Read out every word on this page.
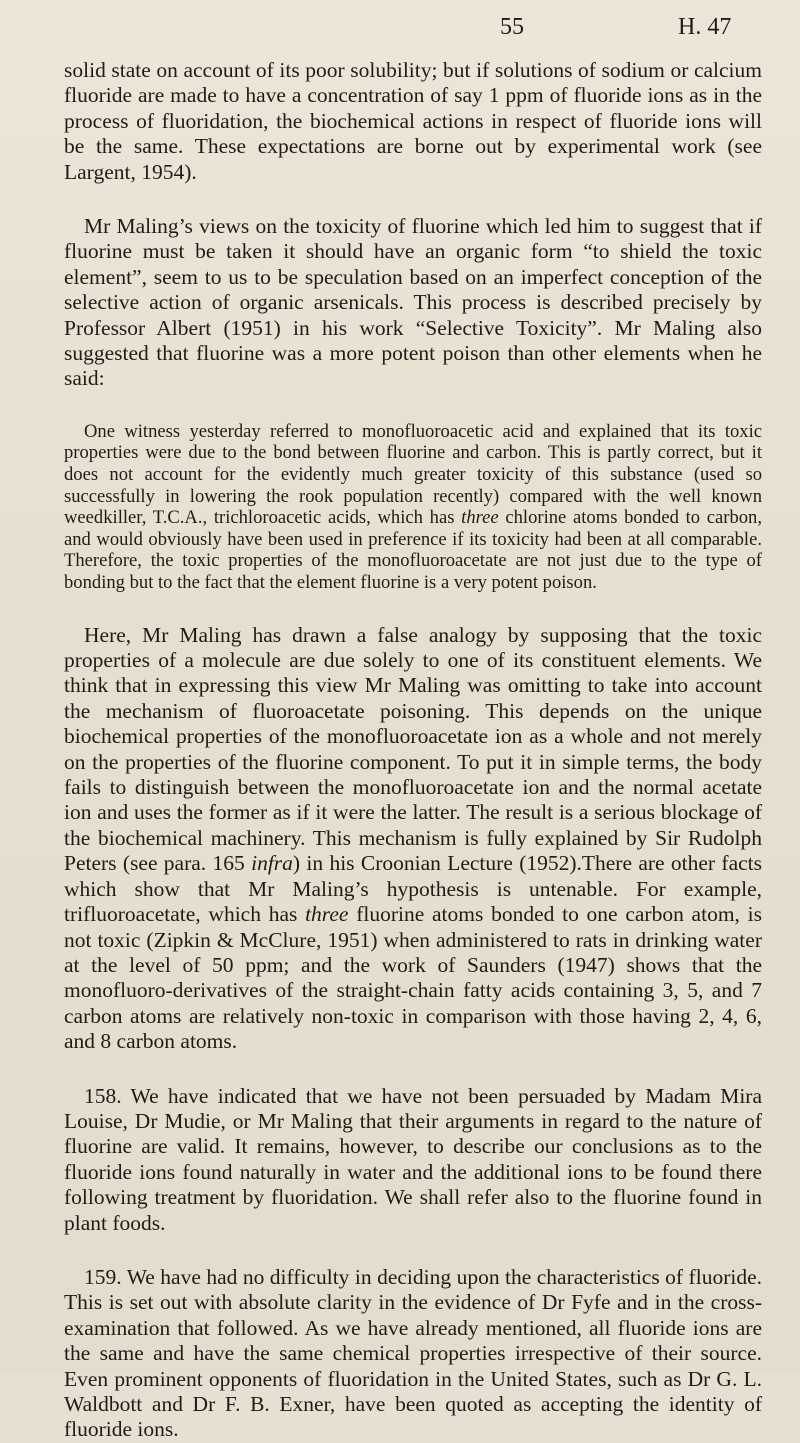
55	H. 47

solid state on account of its poor solubility; but if solutions of sodium or calcium fluoride are made to have a concentration of say 1 ppm of fluoride ions as in the process of fluoridation, the biochemical actions in respect of fluoride ions will be the same. These expectations are borne out by experimental work (see Largent, 1954).

Mr Maling’s views on the toxicity of fluorine which led him to suggest that if fluorine must be taken it should have an organic form “to shield the toxic element”, seem to us to be speculation based on an imperfect conception of the selective action of organic arsenicals. This process is described precisely by Professor Albert (1951) in his work “Selective Toxicity”. Mr Maling also suggested that fluorine was a more potent poison than other elements when he said:

One witness yesterday referred to monofluoroacetic acid and explained that its toxic properties were due to the bond between fluorine and carbon. This is partly correct, but it does not account for the evidently much greater toxicity of this substance (used so successfully in lowering the rook population recently) compared with the well known weedkiller, T.C.A., trichloroacetic acids, which has three chlorine atoms bonded to carbon, and would obviously have been used in preference if its toxicity had been at all comparable. Therefore, the toxic properties of the monofluoroacetate are not just due to the type of bonding but to the fact that the element fluorine is a very potent poison.

Here, Mr Maling has drawn a false analogy by supposing that the toxic properties of a molecule are due solely to one of its constituent elements. We think that in expressing this view Mr Maling was omitting to take into account the mechanism of fluoroacetate poisoning. This depends on the unique biochemical properties of the monofluoroacetate ion as a whole and not merely on the properties of the fluorine component. To put it in simple terms, the body fails to distinguish between the monofluoroacetate ion and the normal acetate ion and uses the former as if it were the latter. The result is a serious blockage of the biochemical machinery. This mechanism is fully explained by Sir Rudolph Peters (see para. 165 infra) in his Croonian Lecture (1952).There are other facts which show that Mr Maling’s hypothesis is untenable. For example, trifluoroacetate, which has three fluorine atoms bonded to one carbon atom, is not toxic (Zipkin & McClure, 1951) when administered to rats in drinking water at the level of 50 ppm; and the work of Saunders (1947) shows that the monofluoro-derivatives of the straight-chain fatty acids containing 3, 5, and 7 carbon atoms are relatively non-toxic in comparison with those having 2, 4, 6, and 8 carbon atoms.

158. We have indicated that we have not been persuaded by Madam Mira Louise, Dr Mudie, or Mr Maling that their arguments in regard to the nature of fluorine are valid. It remains, however, to describe our conclusions as to the fluoride ions found naturally in water and the additional ions to be found there following treatment by fluoridation. We shall refer also to the fluorine found in plant foods.

159. We have had no difficulty in deciding upon the characteristics of fluoride. This is set out with absolute clarity in the evidence of Dr Fyfe and in the cross-examination that followed. As we have already mentioned, all fluoride ions are the same and have the same chemical properties irrespective of their source. Even prominent opponents of fluoridation in the United States, such as Dr G. L. Waldbott and Dr F. B. Exner, have been quoted as accepting the identity of fluoride ions.
